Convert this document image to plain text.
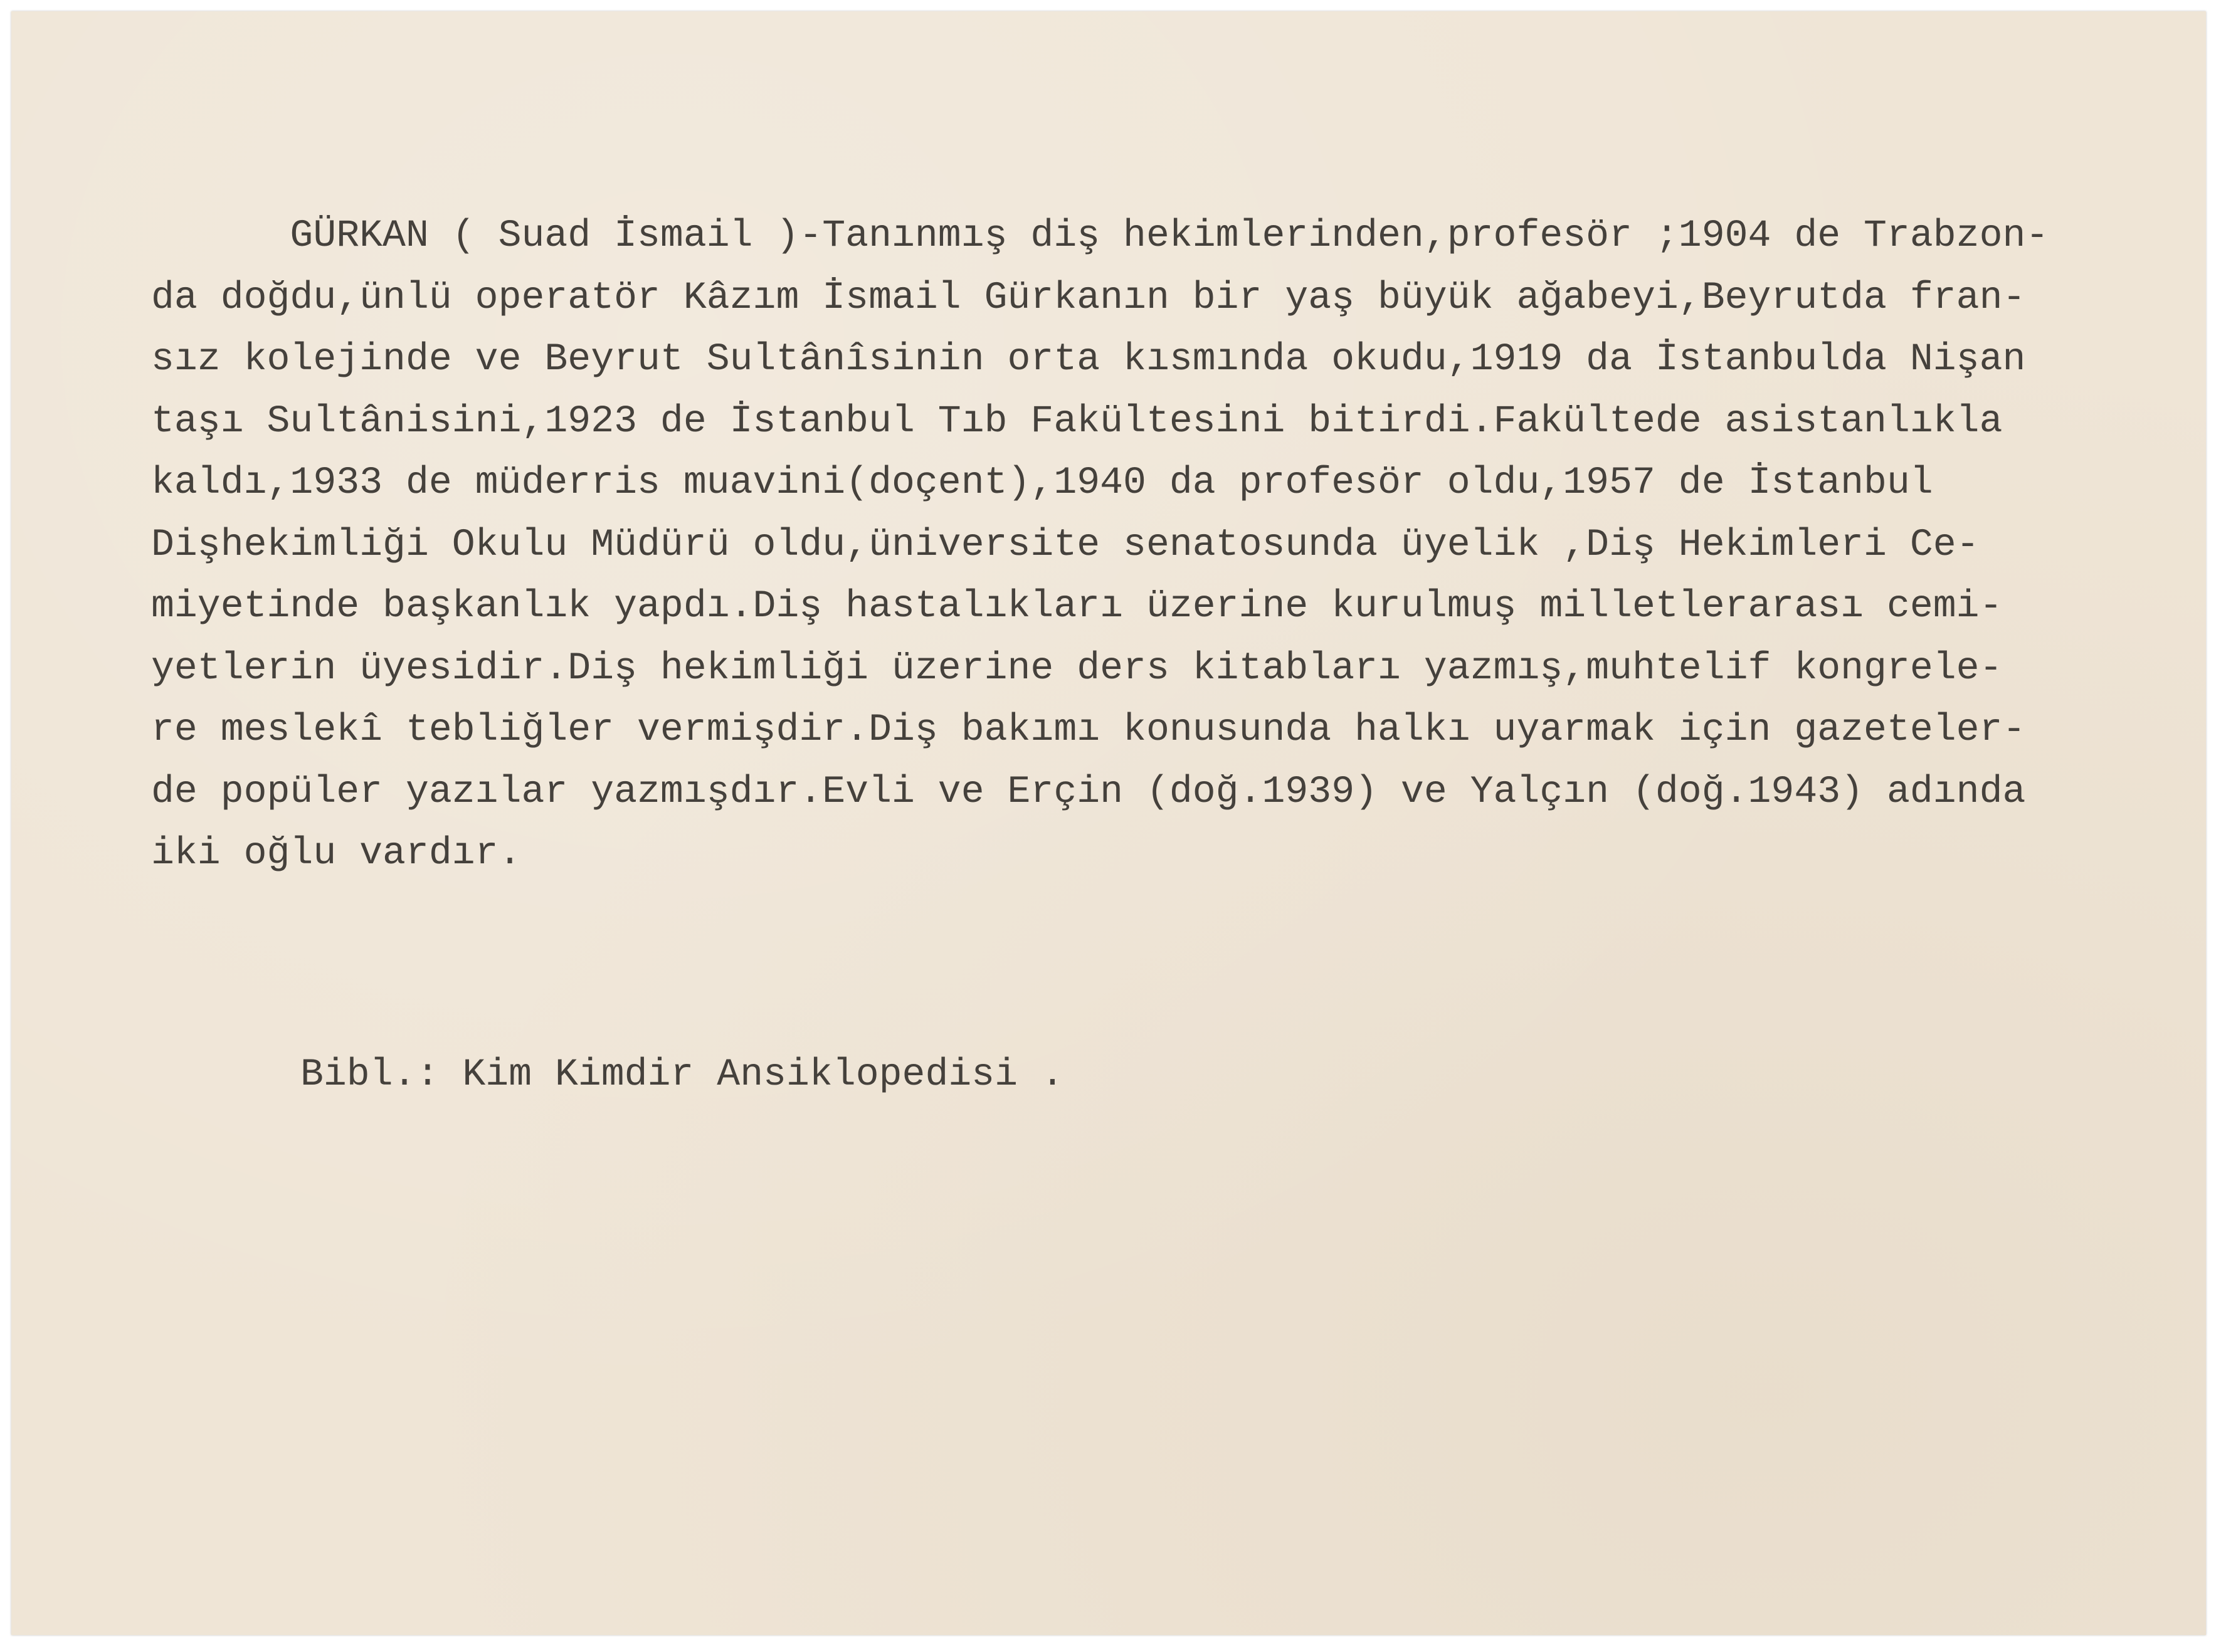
GÜRKAN ( Suad İsmail )-Tanınmış diş hekimlerinden,profesör ;1904 de Trabzon-
da doğdu,ünlü operatör Kâzım İsmail Gürkanın bir yaş büyük ağabeyi,Beyrutda fran-
sız kolejinde ve Beyrut Sultânîsinin orta kısmında okudu,1919 da İstanbulda Nişan
taşı Sultânisini,1923 de İstanbul Tıb Fakültesini bitirdi.Fakültede asistanlıkla
kaldı,1933 de müderris muavini(doçent),1940 da profesör oldu,1957 de İstanbul
Dişhekimliği Okulu Müdürü oldu,üniversite senatosunda üyelik ,Diş Hekimleri Ce-
miyetinde başkanlık yapdı.Diş hastalıkları üzerine kurulmuş milletlerarası cemi-
yetlerin üyesidir.Diş hekimliği üzerine ders kitabları yazmış,muhtelif kongrele-
re meslekî tebliğler vermişdir.Diş bakımı konusunda halkı uyarmak için gazeteler-
de popüler yazılar yazmışdır.Evli ve Erçin (doğ.1939) ve Yalçın (doğ.1943) adında
iki oğlu vardır.
Bibl.: Kim Kimdir Ansiklopedisi .
